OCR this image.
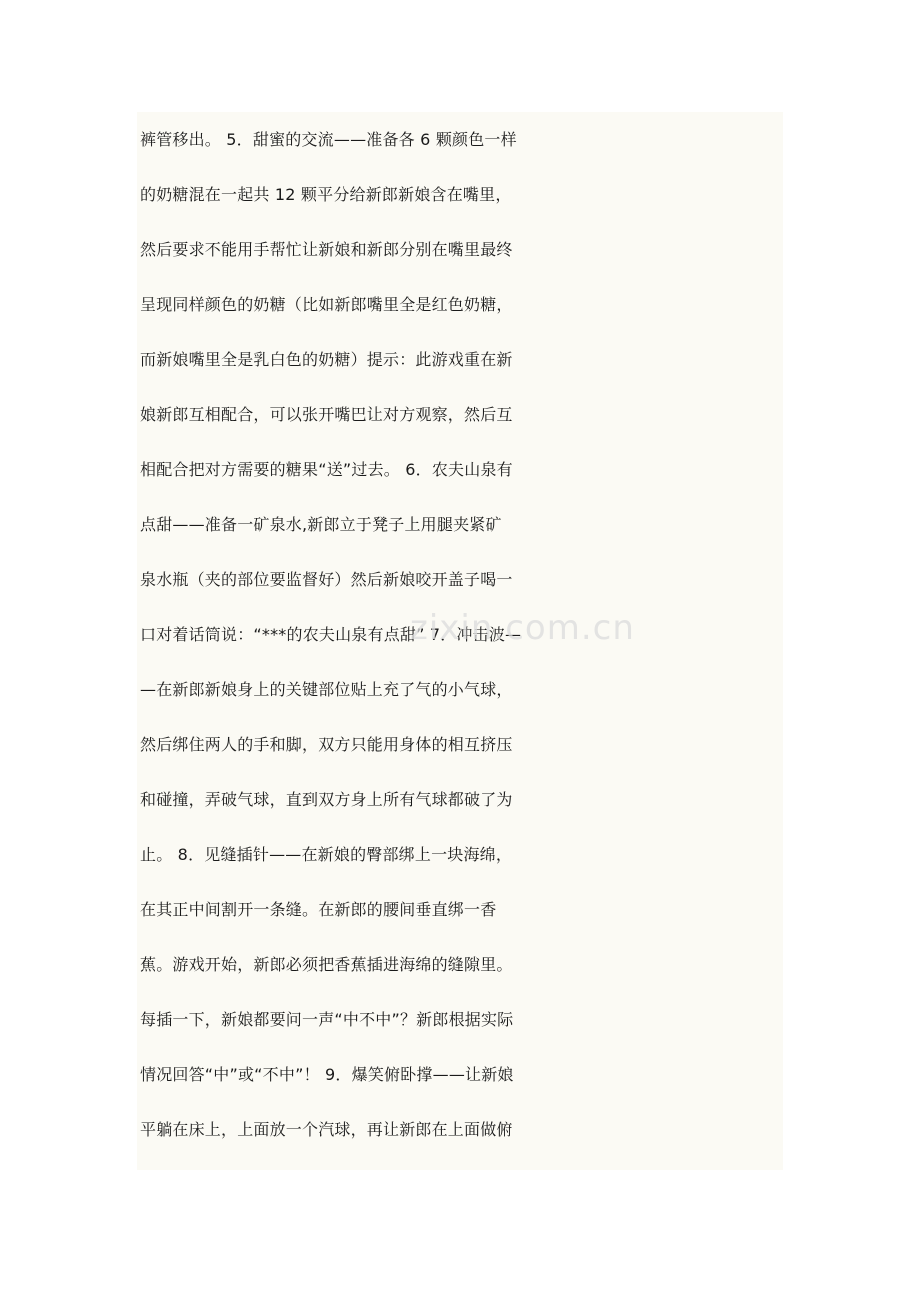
裤管移出。 5．甜蜜的交流——准备各 6 颗颜色一样
的奶糖混在一起共 12 颗平分给新郎新娘含在嘴里，
然后要求不能用手帮忙让新娘和新郎分别在嘴里最终
呈现同样颜色的奶糖（比如新郎嘴里全是红色奶糖，
而新娘嘴里全是乳白色的奶糖）提示：此游戏重在新
娘新郎互相配合，可以张开嘴巴让对方观察，然后互
相配合把对方需要的糖果“送”过去。 6．农夫山泉有
点甜——准备一矿泉水,新郎立于凳子上用腿夹紧矿
泉水瓶（夹的部位要监督好）然后新娘咬开盖子喝一
口对着话筒说：“***的农夫山泉有点甜” 7．冲击波—
—在新郎新娘身上的关键部位贴上充了气的小气球，
然后绑住两人的手和脚，双方只能用身体的相互挤压
和碰撞，弄破气球，直到双方身上所有气球都破了为
止。 8．见缝插针——在新娘的臀部绑上一块海绵，
在其正中间割开一条缝。在新郎的腰间垂直绑一香
蕉。游戏开始，新郎必须把香蕉插进海绵的缝隙里。
每插一下，新娘都要问一声“中不中”？新郎根据实际
情况回答“中”或“不中”！ 9．爆笑俯卧撑——让新娘
平躺在床上，上面放一个汽球，再让新郎在上面做俯
zixin.com.cn
